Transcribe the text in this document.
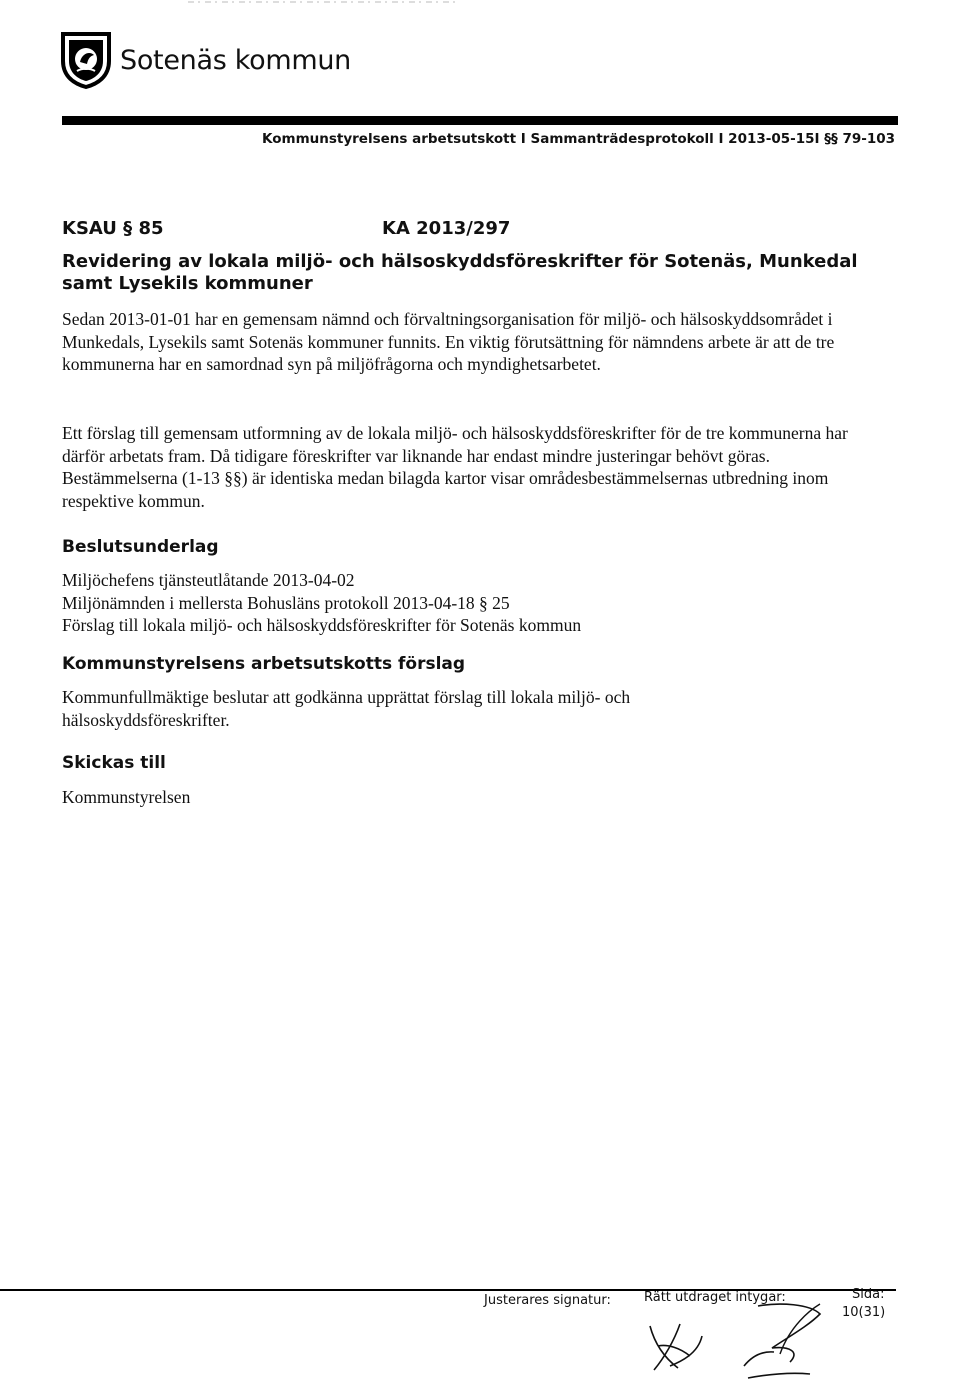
Sotenäs kommun
Kommunstyrelsens arbetsutskott I Sammanträdesprotokoll I 2013-05-15I §§ 79-103
KSAU § 85	KA 2013/297
Revidering av lokala miljö- och hälsoskyddsföreskrifter för Sotenäs, Munkedal samt Lysekils kommuner

Sedan 2013-01-01 har en gemensam nämnd och förvaltningsorganisation för miljö- och hälsoskyddsområdet i Munkedals, Lysekils samt Sotenäs kommuner funnits. En viktig förutsättning för nämndens arbete är att de tre kommunerna har en samordnad syn på miljöfrågorna och myndighetsarbetet.

Ett förslag till gemensam utformning av de lokala miljö- och hälsoskyddsföreskrifter för de tre kommunerna har därför arbetats fram. Då tidigare föreskrifter var liknande har endast mindre justeringar behövt göras. Bestämmelserna (1-13 §§) är identiska medan bilagda kartor visar områdesbestämmelsernas utbredning inom respektive kommun.

Beslutsunderlag
Miljöchefens tjänsteutlåtande 2013-04-02
Miljönämnden i mellersta Bohusläns protokoll 2013-04-18 § 25
Förslag till lokala miljö- och hälsoskyddsföreskrifter för Sotenäs kommun
Kommunstyrelsens arbetsutskotts förslag

Kommunfullmäktige beslutar att godkänna upprättat förslag till lokala miljö- och hälsoskyddsföreskrifter.

Skickas till

Kommunstyrelsen

Justerares signatur:	Rätt utdraget intygar:	Sida:
10(31)
